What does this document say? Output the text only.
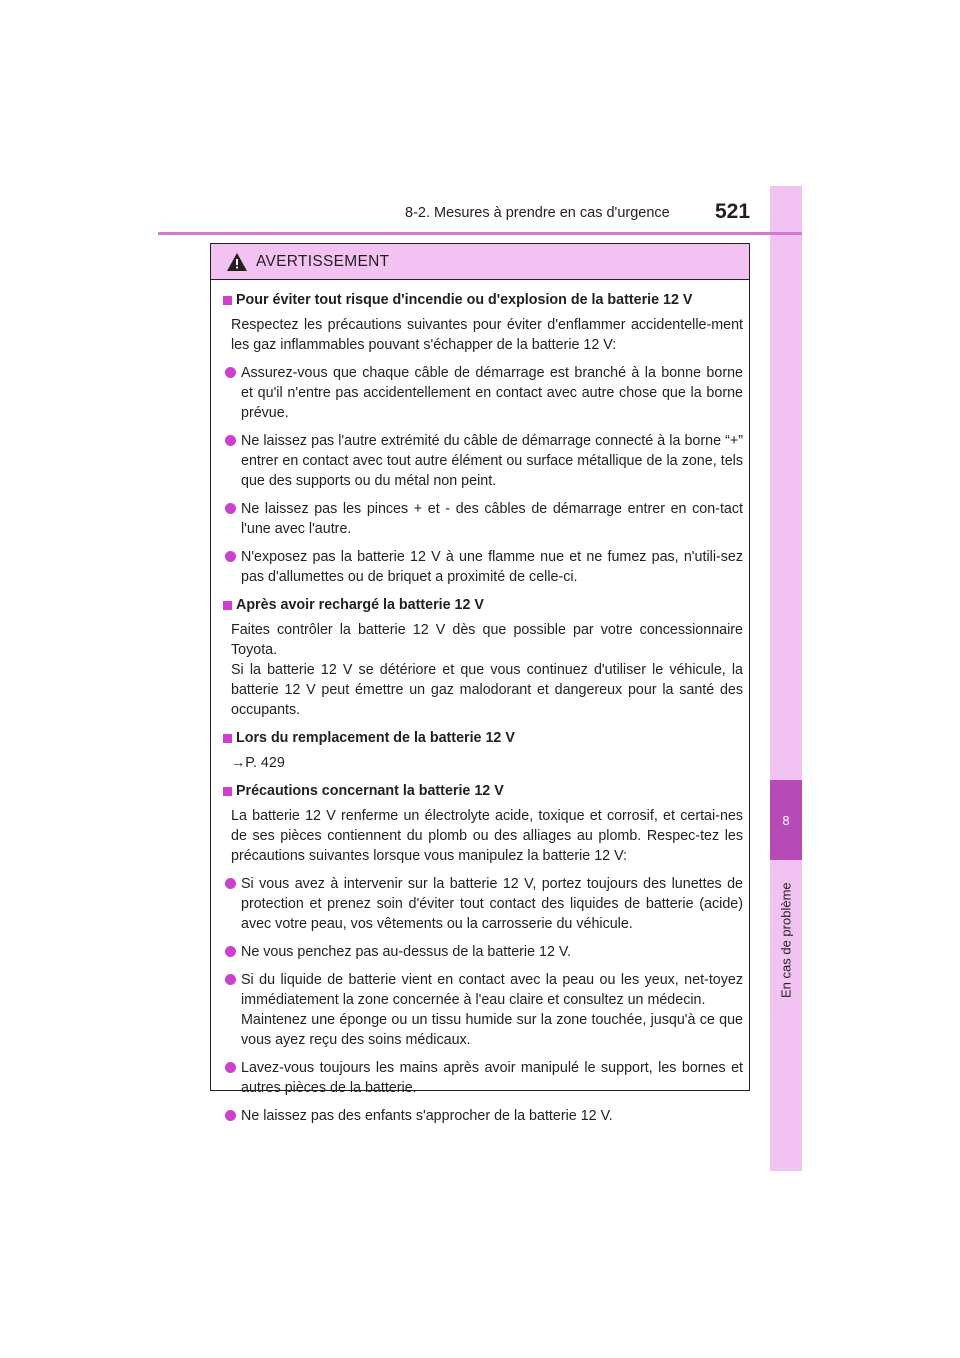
8
En cas de problème
8-2. Mesures à prendre en cas d'urgence 521
AVERTISSEMENT
Pour éviter tout risque d'incendie ou d'explosion de la batterie 12 V
Respectez les précautions suivantes pour éviter d'enflammer accidentelle-ment les gaz inflammables pouvant s'échapper de la batterie 12 V:
Assurez-vous que chaque câble de démarrage est branché à la bonne borne et qu'il n'entre pas accidentellement en contact avec autre chose que la borne prévue.
Ne laissez pas l'autre extrémité du câble de démarrage connecté à la borne “+” entrer en contact avec tout autre élément ou surface métallique de la zone, tels que des supports ou du métal non peint.
Ne laissez pas les pinces + et - des câbles de démarrage entrer en con-tact l'une avec l'autre.
N'exposez pas la batterie 12 V à une flamme nue et ne fumez pas, n'utili-sez pas d'allumettes ou de briquet a proximité de celle-ci.
Après avoir rechargé la batterie 12 V
Faites contrôler la batterie 12 V dès que possible par votre concessionnaire Toyota.
Si la batterie 12 V se détériore et que vous continuez d'utiliser le véhicule, la batterie 12 V peut émettre un gaz malodorant et dangereux pour la santé des occupants.
Lors du remplacement de la batterie 12 V
→P. 429
Précautions concernant la batterie 12 V
La batterie 12 V renferme un électrolyte acide, toxique et corrosif, et certai-nes de ses pièces contiennent du plomb ou des alliages au plomb. Respec-tez les précautions suivantes lorsque vous manipulez la batterie 12 V:
Si vous avez à intervenir sur la batterie 12 V, portez toujours des lunettes de protection et prenez soin d'éviter tout contact des liquides de batterie (acide) avec votre peau, vos vêtements ou la carrosserie du véhicule.
Ne vous penchez pas au-dessus de la batterie 12 V.
Si du liquide de batterie vient en contact avec la peau ou les yeux, net-toyez immédiatement la zone concernée à l'eau claire et consultez un médecin.
Maintenez une éponge ou un tissu humide sur la zone touchée, jusqu'à ce que vous ayez reçu des soins médicaux.
Lavez-vous toujours les mains après avoir manipulé le support, les bornes et autres pièces de la batterie.
Ne laissez pas des enfants s'approcher de la batterie 12 V.
